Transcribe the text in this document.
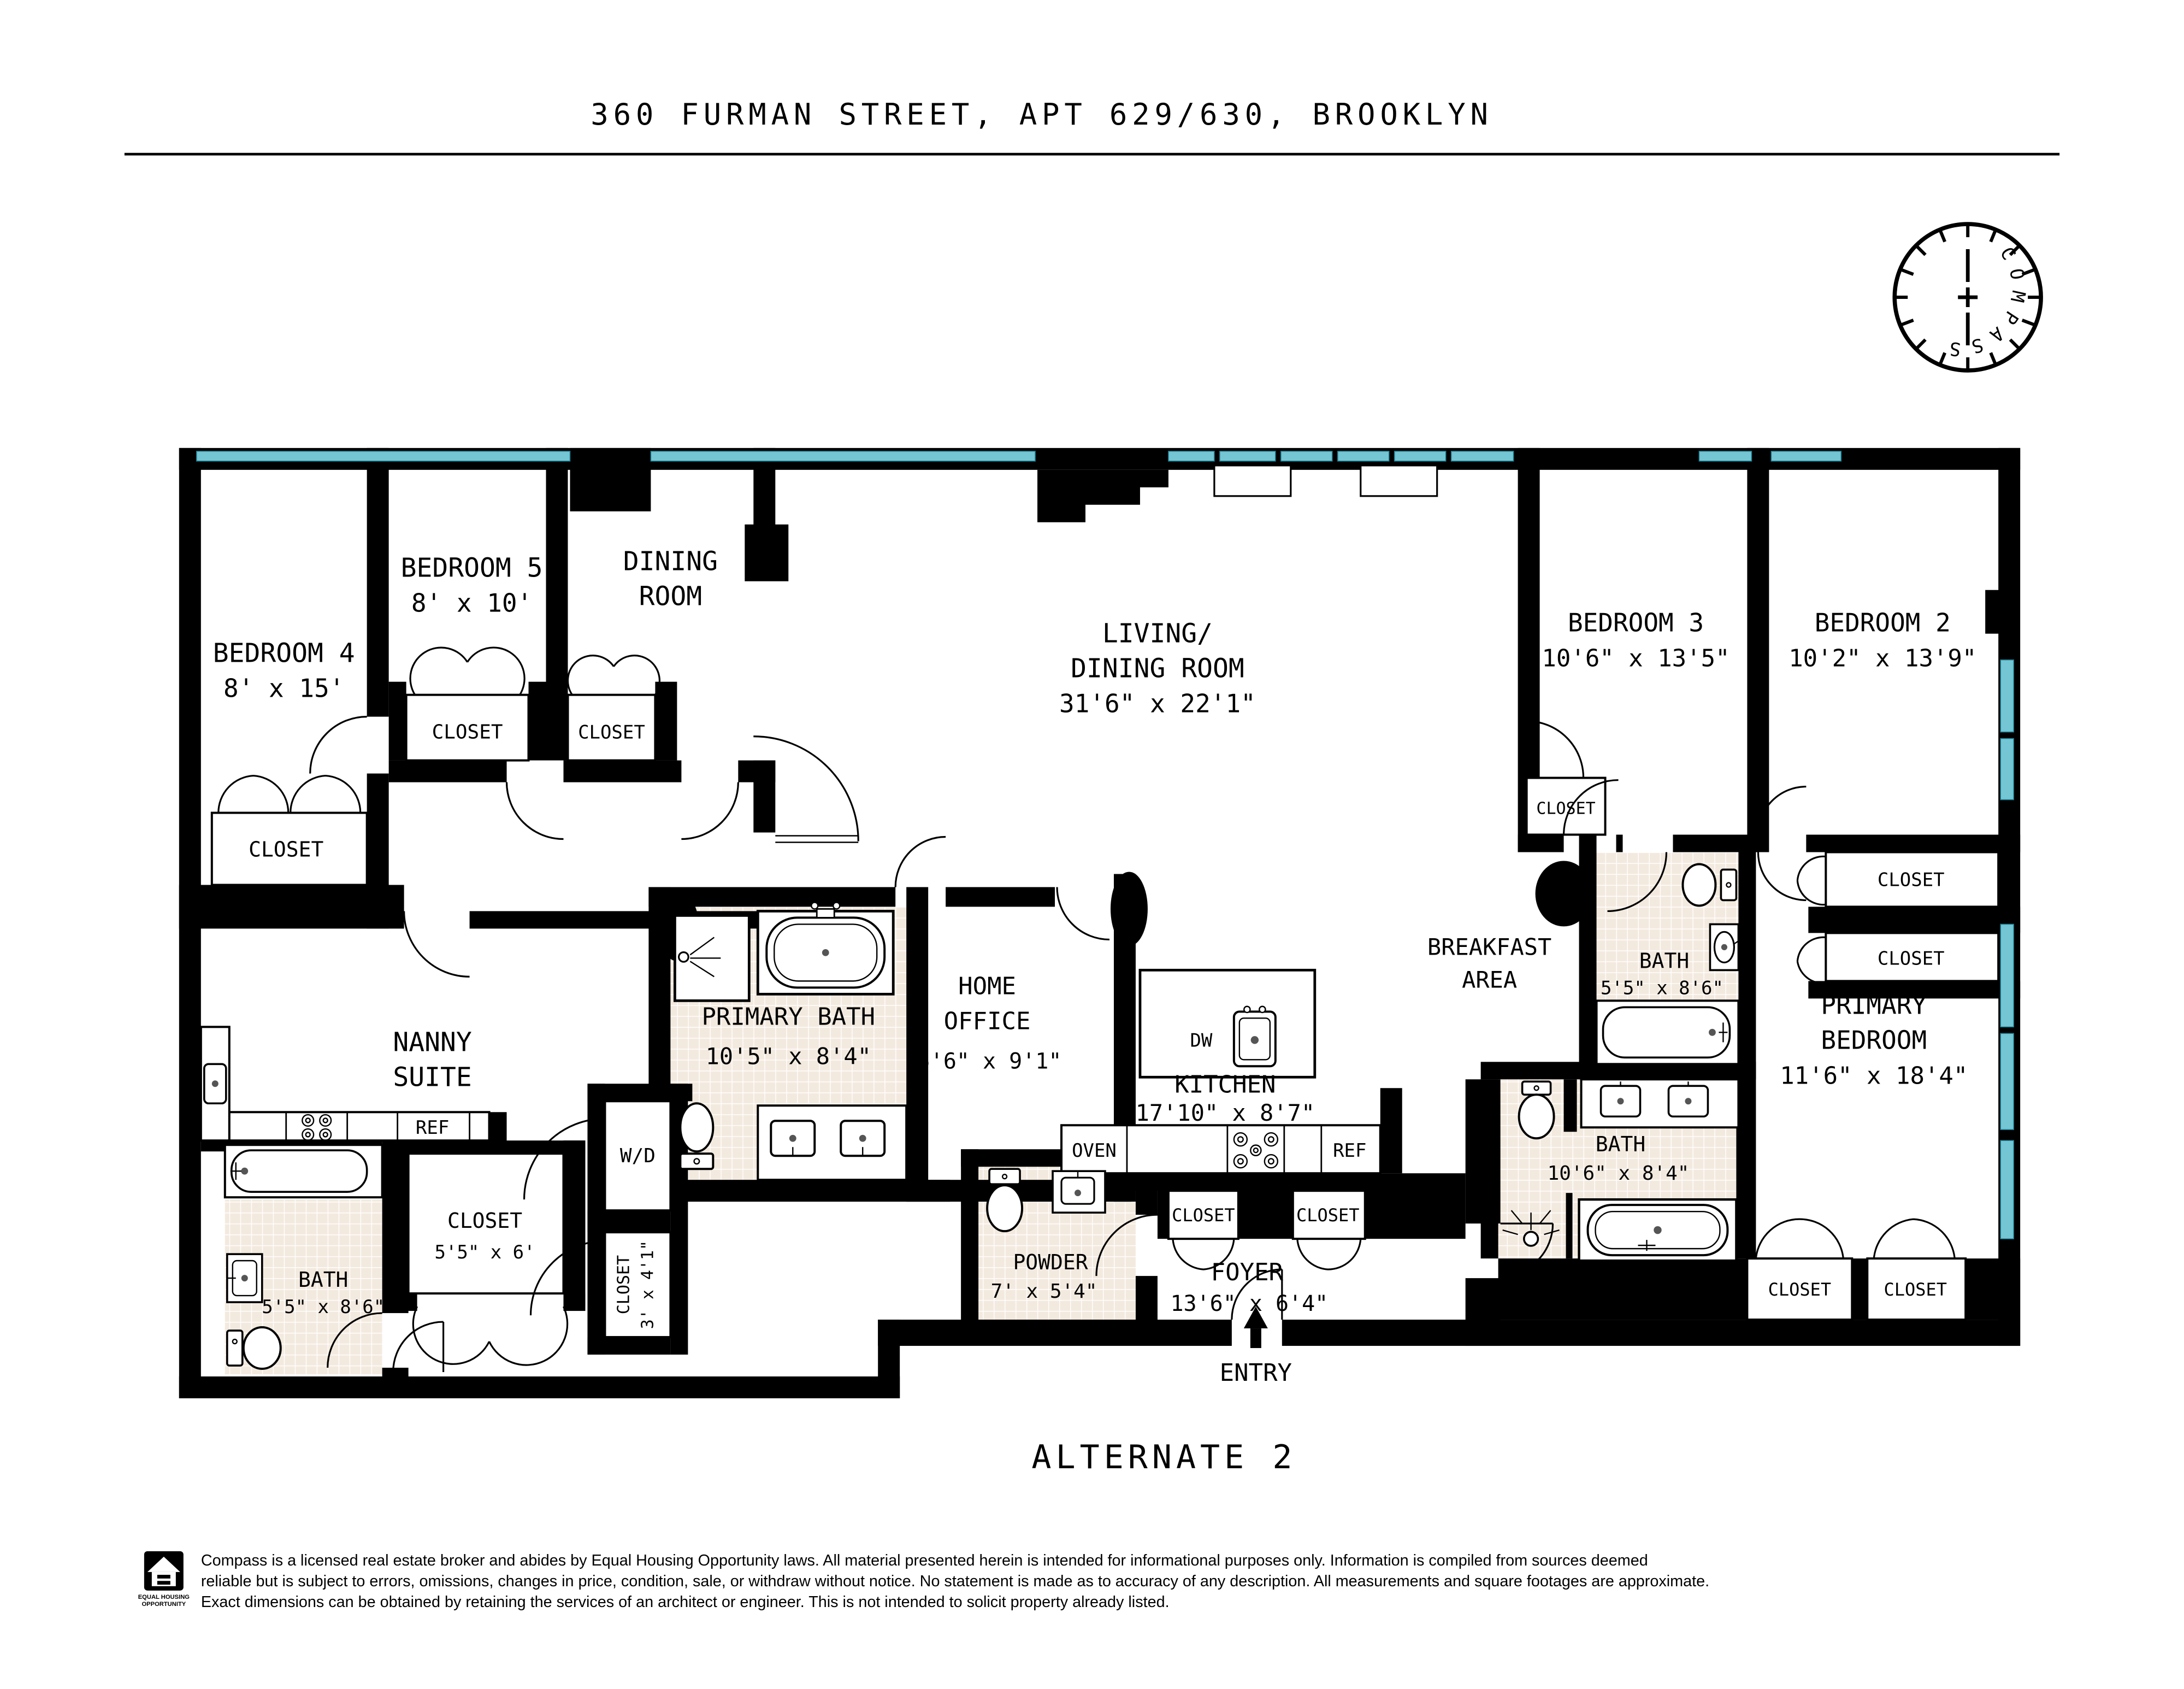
360 FURMAN STREET, APT 629/630, BROOKLYN
COMPASS
BEDROOM 4
8' x 15'
BEDROOM 5
8' x 10'
DINING
ROOM
LIVING/
DINING ROOM
31'6" x 22'1"
BEDROOM 3
10'6" x 13'5"
BEDROOM 2
10'2" x 13'9"
NANNY
SUITE
PRIMARY BATH
10'5" x 8'4"
HOME
OFFICE
5'6" x 9'1"
KITCHEN
17'10" x 8'7"
BREAKFAST
AREA
PRIMARY
BEDROOM
11'6" x 18'4"
BATH
5'5" x 8'6"
BATH
10'6" x 8'4"
BATH
5'5" x 8'6"
POWDER
7' x 5'4"
FOYER
13'6" x 6'4"
ENTRY
CLOSET
CLOSET	CLOSET
CLOSET
CLOSET
CLOSET
CLOSET	CLOSET
CLOSET	CLOSET
CLOSET
5'5" x 6'
CLOSET 3' x 4'1"
W/D
DW
OVEN	REF
REF
ALTERNATE 2
EQUAL HOUSING
OPPORTUNITY
Compass is a licensed real estate broker and abides by Equal Housing Opportunity laws. All material presented herein is intended for informational purposes only. Information is compiled from sources deemed
reliable but is subject to errors, omissions, changes in price, condition, sale, or withdraw without notice. No statement is made as to accuracy of any description. All measurements and square footages are approximate.
Exact dimensions can be obtained by retaining the services of an architect or engineer. This is not intended to solicit property already listed.
